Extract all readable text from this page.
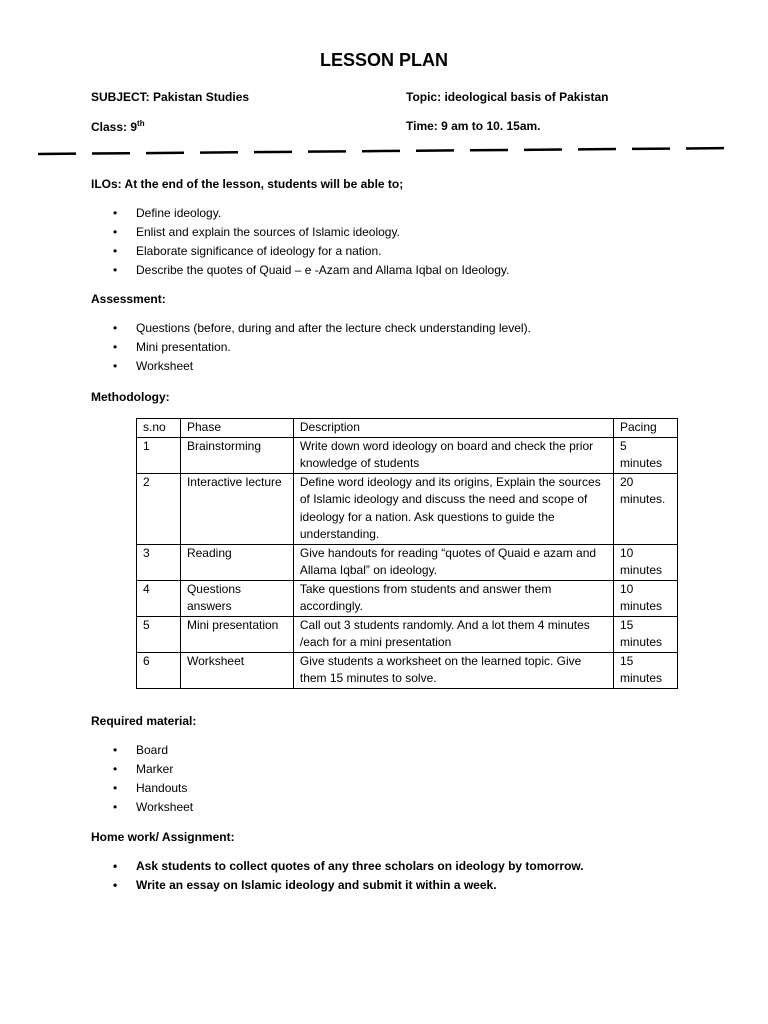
LESSON PLAN
SUBJECT: Pakistan Studies	Topic: ideological basis of Pakistan
Class: 9th	Time: 9 am to 10. 15am.
ILOs: At the end of the lesson, students will be able to;
• Define ideology.
• Enlist and explain the sources of Islamic ideology.
• Elaborate significance of ideology for a nation.
• Describe the quotes of Quaid – e -Azam and Allama Iqbal on Ideology.
Assessment:
• Questions (before, during and after the lecture check understanding level).
• Mini presentation.
• Worksheet
Methodology:
s.no	Phase	Description	Pacing
1	Brainstorming	Write down word ideology on board and check the prior knowledge of students	5 minutes
2	Interactive lecture	Define word ideology and its origins, Explain the sources of Islamic ideology and discuss the need and scope of ideology for a nation. Ask questions to guide the understanding.	20 minutes.
3	Reading	Give handouts for reading “quotes of Quaid e azam and Allama Iqbal” on ideology.	10 minutes
4	Questions answers	Take questions from students and answer them accordingly.	10 minutes
5	Mini presentation	Call out 3 students randomly. And a lot them 4 minutes /each for a mini presentation	15 minutes
6	Worksheet	Give students a worksheet on the learned topic. Give them 15 minutes to solve.	15 minutes
Required material:
• Board
• Marker
• Handouts
• Worksheet
Home work/ Assignment:
• Ask students to collect quotes of any three scholars on ideology by tomorrow.
• Write an essay on Islamic ideology and submit it within a week.
